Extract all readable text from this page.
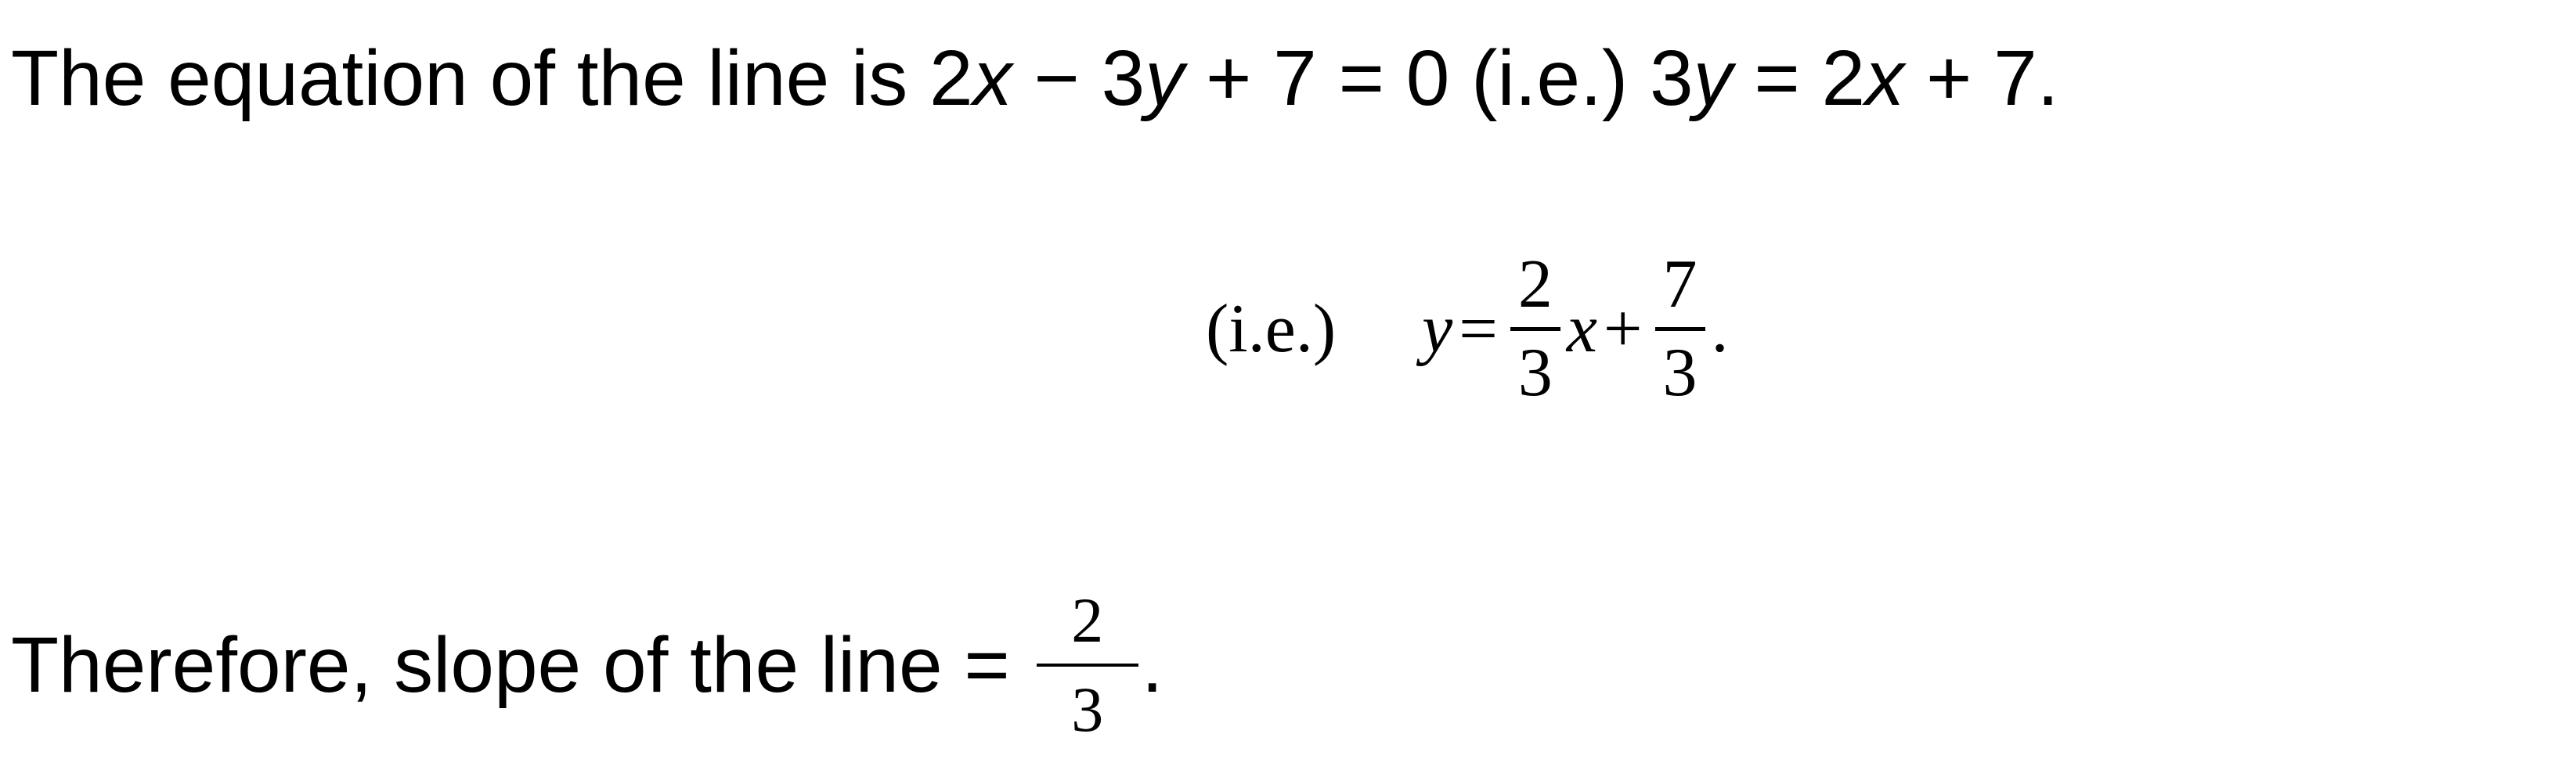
The equation of the line is 2x − 3y + 7 = 0 (i.e.) 3y = 2x + 7.
(i.e.) y =
2
3
x +
7
3
.
Therefore, slope of the line = $\frac{2}{3}$ .
